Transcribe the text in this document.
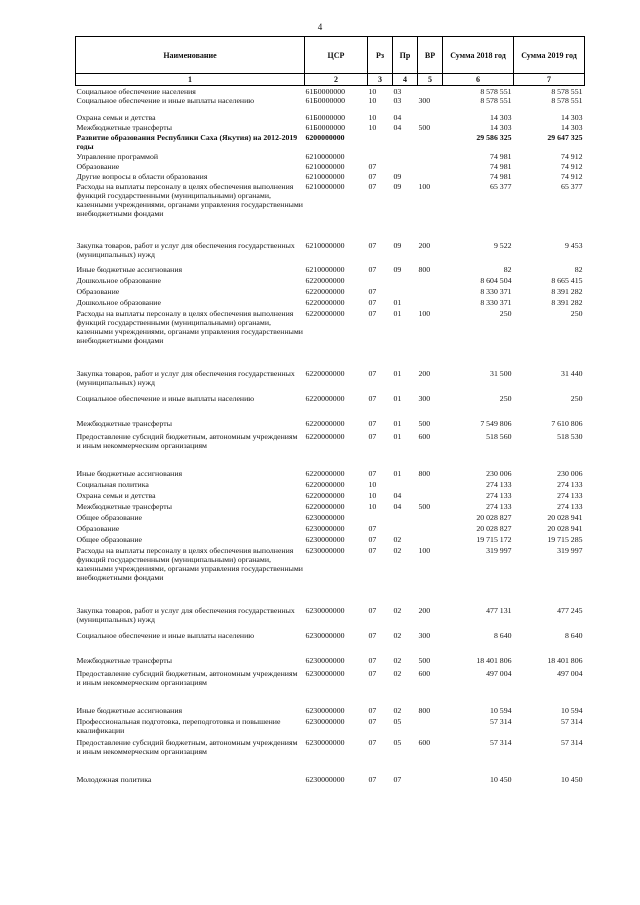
4
Наименование	ЦСР	Рз	Пр	ВР	Сумма 2018 год	Сумма 2019 год
1	2	3	4	5	6	7
Социальное обеспечение населения	61Б0000000	10	03		8 578 551	8 578 551
Социальное обеспечение и иные выплаты населению	61Б0000000	10	03	300	8 578 551	8 578 551
Охрана семьи и детства	61Б0000000	10	04		14 303	14 303
Межбюджетные трансферты	61Б0000000	10	04	500	14 303	14 303
Развитие образования Республики Саха (Якутия) на 2012-2019 годы	6200000000				29 586 325	29 647 325
Управление программой	6210000000				74 981	74 912
Образование	6210000000	07			74 981	74 912
Другие вопросы в области образования	6210000000	07	09		74 981	74 912
Расходы на выплаты персоналу в целях обеспечения выполнения функций государственными (муниципальными) органами, казенными учреждениями, органами управления государственными внебюджетными фондами	6210000000	07	09	100	65 377	65 377
Закупка товаров, работ и услуг для обеспечения государственных (муниципальных) нужд	6210000000	07	09	200	9 522	9 453
Иные бюджетные ассигнования	6210000000	07	09	800	82	82
Дошкольное образование	6220000000				8 604 504	8 665 415
Образование	6220000000	07			8 330 371	8 391 282
Дошкольное образование	6220000000	07	01		8 330 371	8 391 282
Расходы на выплаты персоналу в целях обеспечения выполнения функций государственными (муниципальными) органами, казенными учреждениями, органами управления государственными внебюджетными фондами	6220000000	07	01	100	250	250
Закупка товаров, работ и услуг для обеспечения государственных (муниципальных) нужд	6220000000	07	01	200	31 500	31 440
Социальное обеспечение и иные выплаты населению	6220000000	07	01	300	250	250
Межбюджетные трансферты	6220000000	07	01	500	7 549 806	7 610 806
Предоставление субсидий бюджетным, автономным учреждениям и иным некоммерческим организациям	6220000000	07	01	600	518 560	518 530
Иные бюджетные ассигнования	6220000000	07	01	800	230 006	230 006
Социальная политика	6220000000	10			274 133	274 133
Охрана семьи и детства	6220000000	10	04		274 133	274 133
Межбюджетные трансферты	6220000000	10	04	500	274 133	274 133
Общее образование	6230000000				20 028 827	20 028 941
Образование	6230000000	07			20 028 827	20 028 941
Общее образование	6230000000	07	02		19 715 172	19 715 285
Расходы на выплаты персоналу в целях обеспечения выполнения функций государственными (муниципальными) органами, казенными учреждениями, органами управления государственными внебюджетными фондами	6230000000	07	02	100	319 997	319 997
Закупка товаров, работ и услуг для обеспечения государственных (муниципальных) нужд	6230000000	07	02	200	477 131	477 245
Социальное обеспечение и иные выплаты населению	6230000000	07	02	300	8 640	8 640
Межбюджетные трансферты	6230000000	07	02	500	18 401 806	18 401 806
Предоставление субсидий бюджетным, автономным учреждениям и иным некоммерческим организациям	6230000000	07	02	600	497 004	497 004
Иные бюджетные ассигнования	6230000000	07	02	800	10 594	10 594
Профессиональная подготовка, переподготовка и повышение квалификации	6230000000	07	05		57 314	57 314
Предоставление субсидий бюджетным, автономным учреждениям и иным некоммерческим организациям	6230000000	07	05	600	57 314	57 314
Молодежная политика	6230000000	07	07		10 450	10 450
